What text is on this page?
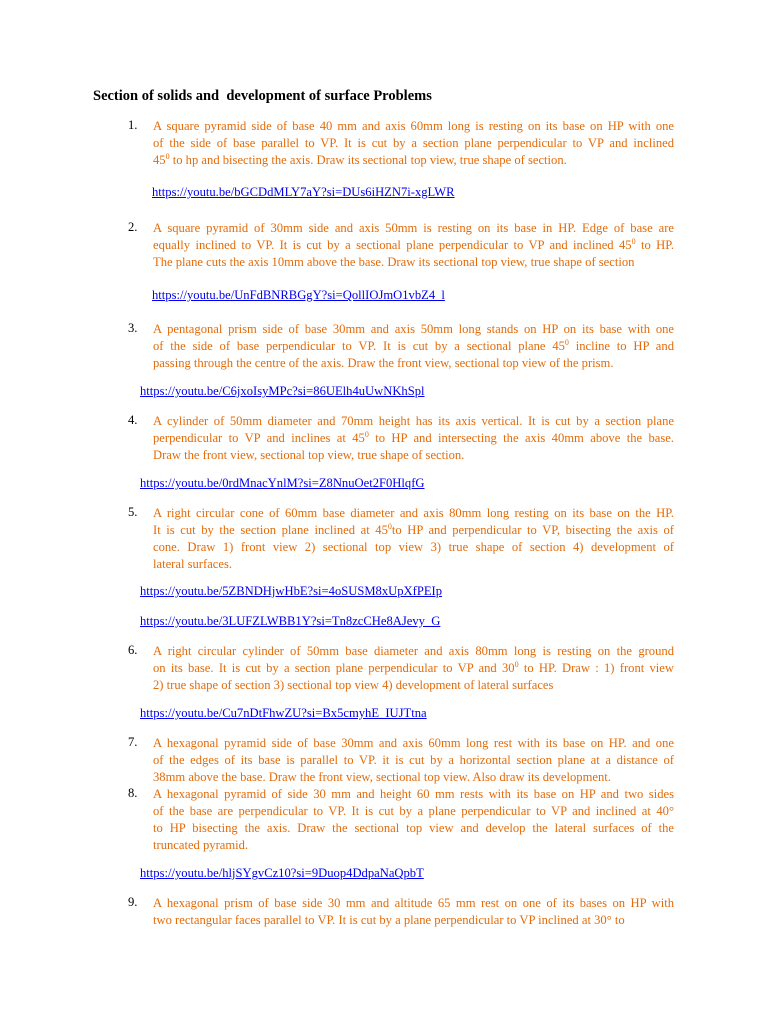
Section of solids and  development of surface Problems
1. A square pyramid side of base 40 mm and axis 60mm long is resting on its base on HP with one
of the side of base parallel to VP. It is cut by a section plane perpendicular to VP and inclined
$45^0$ to hp and bisecting the axis. Draw its sectional top view, true shape of section.
https://youtu.be/bGCDdMLY7aY?si=DUs6iHZN7i-xgLWR
2. A square pyramid of 30mm side and axis 50mm is resting on its base in HP. Edge of base are
equally inclined to VP. It is cut by a sectional plane perpendicular to VP and inclined $45^0$ to HP.
The plane cuts the axis 10mm above the base. Draw its sectional top view, true shape of section
https://youtu.be/UnFdBNRBGgY?si=QollIOJmO1vbZ4_l
3. A pentagonal prism side of base 30mm and axis 50mm long stands on HP on its base with one
of the side of base perpendicular to VP. It is cut by a sectional plane $45^0$ incline to HP and
passing through the centre of the axis. Draw the front view, sectional top view of the prism.
https://youtu.be/C6jxoIsyMPc?si=86UElh4uUwNKhSpl
4. A cylinder of 50mm diameter and 70mm height has its axis vertical. It is cut by a section plane
perpendicular to VP and inclines at $45^0$ to HP and intersecting the axis 40mm above the base.
Draw the front view, sectional top view, true shape of section.
https://youtu.be/0rdMnacYnlM?si=Z8NnuOet2F0HlqfG
5. A right circular cone of 60mm base diameter and axis 80mm long resting on its base on the HP.
It is cut by the section plane inclined at $45^0to$ HP and perpendicular to VP, bisecting the axis of
cone. Draw 1) front view 2) sectional top view 3) true shape of section 4) development of
lateral surfaces.
https://youtu.be/5ZBNDHjwHbE?si=4oSUSM8xUpXfPEIp
https://youtu.be/3LUFZLWBB1Y?si=Tn8zcCHe8AJevy_G
6. A right circular cylinder of 50mm base diameter and axis 80mm long is resting on the ground
on its base. It is cut by a section plane perpendicular to VP and $30^0$ to HP. Draw : 1) front view
2) true shape of section 3) sectional top view 4) development of lateral surfaces
https://youtu.be/Cu7nDtFhwZU?si=Bx5cmyhE_IUJTtna
7. A hexagonal pyramid side of base 30mm and axis 60mm long rest with its base on HP. and one
of the edges of its base is parallel to VP. it is cut by a horizontal section plane at a distance of
38mm above the base. Draw the front view, sectional top view. Also draw its development.
8. A hexagonal pyramid of side 30 mm and height 60 mm rests with its base on HP and two sides
of the base are perpendicular to VP. It is cut by a plane perpendicular to VP and inclined at 40°
to HP bisecting the axis. Draw the sectional top view and develop the lateral surfaces of the
truncated pyramid.
https://youtu.be/hljSYgvCz10?si=9Duop4DdpaNaQpbT
9. A hexagonal prism of base side 30 mm and altitude 65 mm rest on one of its bases on HP with
two rectangular faces parallel to VP. It is cut by a plane perpendicular to VP inclined at 30° to
